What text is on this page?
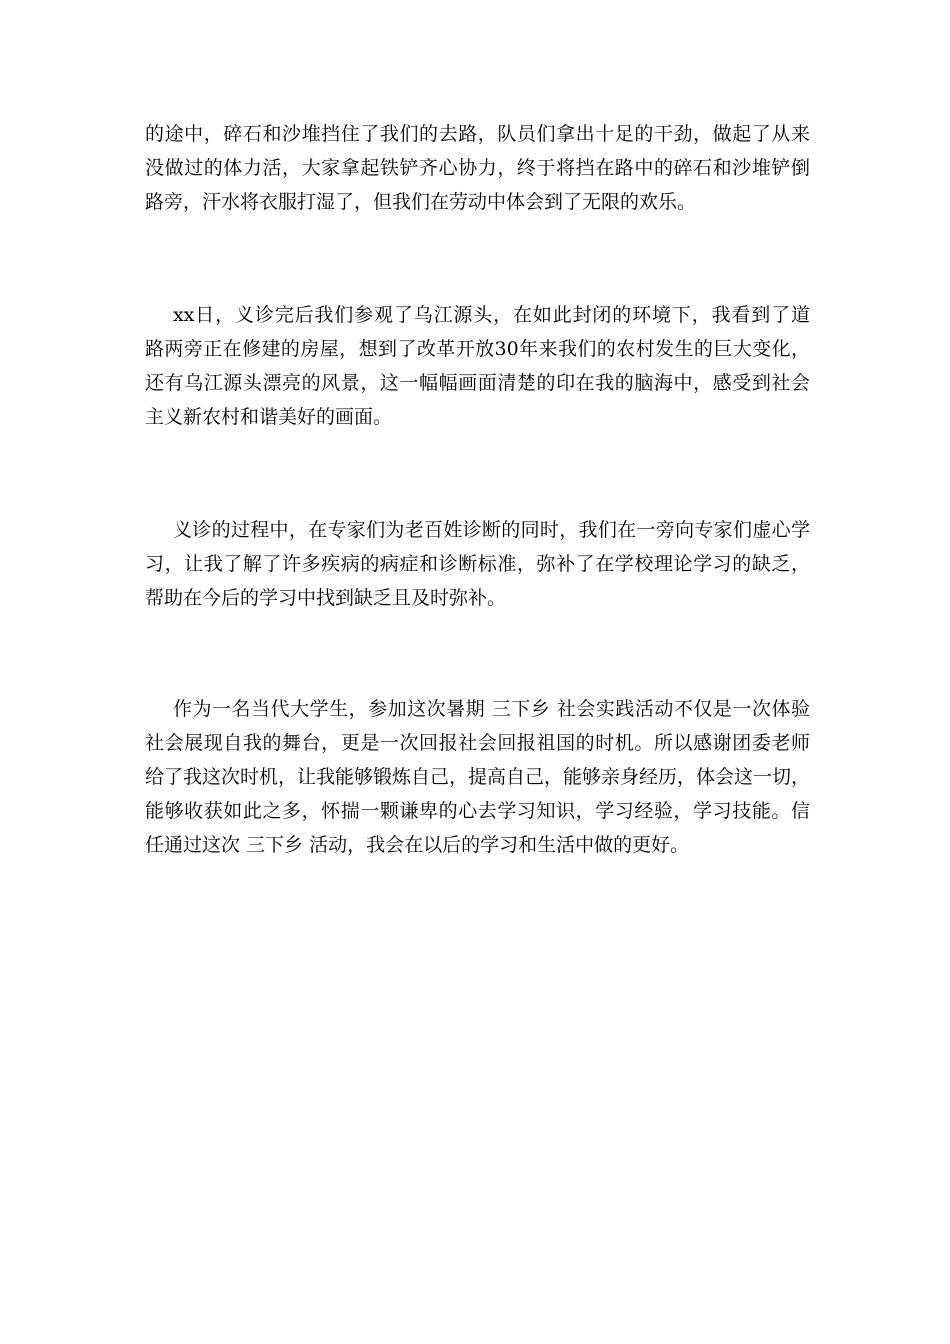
的途中，碎石和沙堆挡住了我们的去路，队员们拿出十足的干劲，做起了从来
没做过的体力活，大家拿起铁铲齐心协力，终于将挡在路中的碎石和沙堆铲倒
路旁，汗水将衣服打湿了，但我们在劳动中体会到了无限的欢乐。
xx日，义诊完后我们参观了乌江源头，在如此封闭的环境下，我看到了道
路两旁正在修建的房屋，想到了改革开放30年来我们的农村发生的巨大变化，
还有乌江源头漂亮的风景，这一幅幅画面清楚的印在我的脑海中，感受到社会
主义新农村和谐美好的画面。
义诊的过程中，在专家们为老百姓诊断的同时，我们在一旁向专家们虚心学
习，让我了解了许多疾病的病症和诊断标准，弥补了在学校理论学习的缺乏，
帮助在今后的学习中找到缺乏且及时弥补。
作为一名当代大学生，参加这次暑期 三下乡 社会实践活动不仅是一次体验
社会展现自我的舞台，更是一次回报社会回报祖国的时机。所以感谢团委老师
给了我这次时机，让我能够锻炼自己，提高自己，能够亲身经历，体会这一切，
能够收获如此之多，怀揣一颗谦卑的心去学习知识，学习经验，学习技能。信
任通过这次 三下乡 活动，我会在以后的学习和生活中做的更好。
